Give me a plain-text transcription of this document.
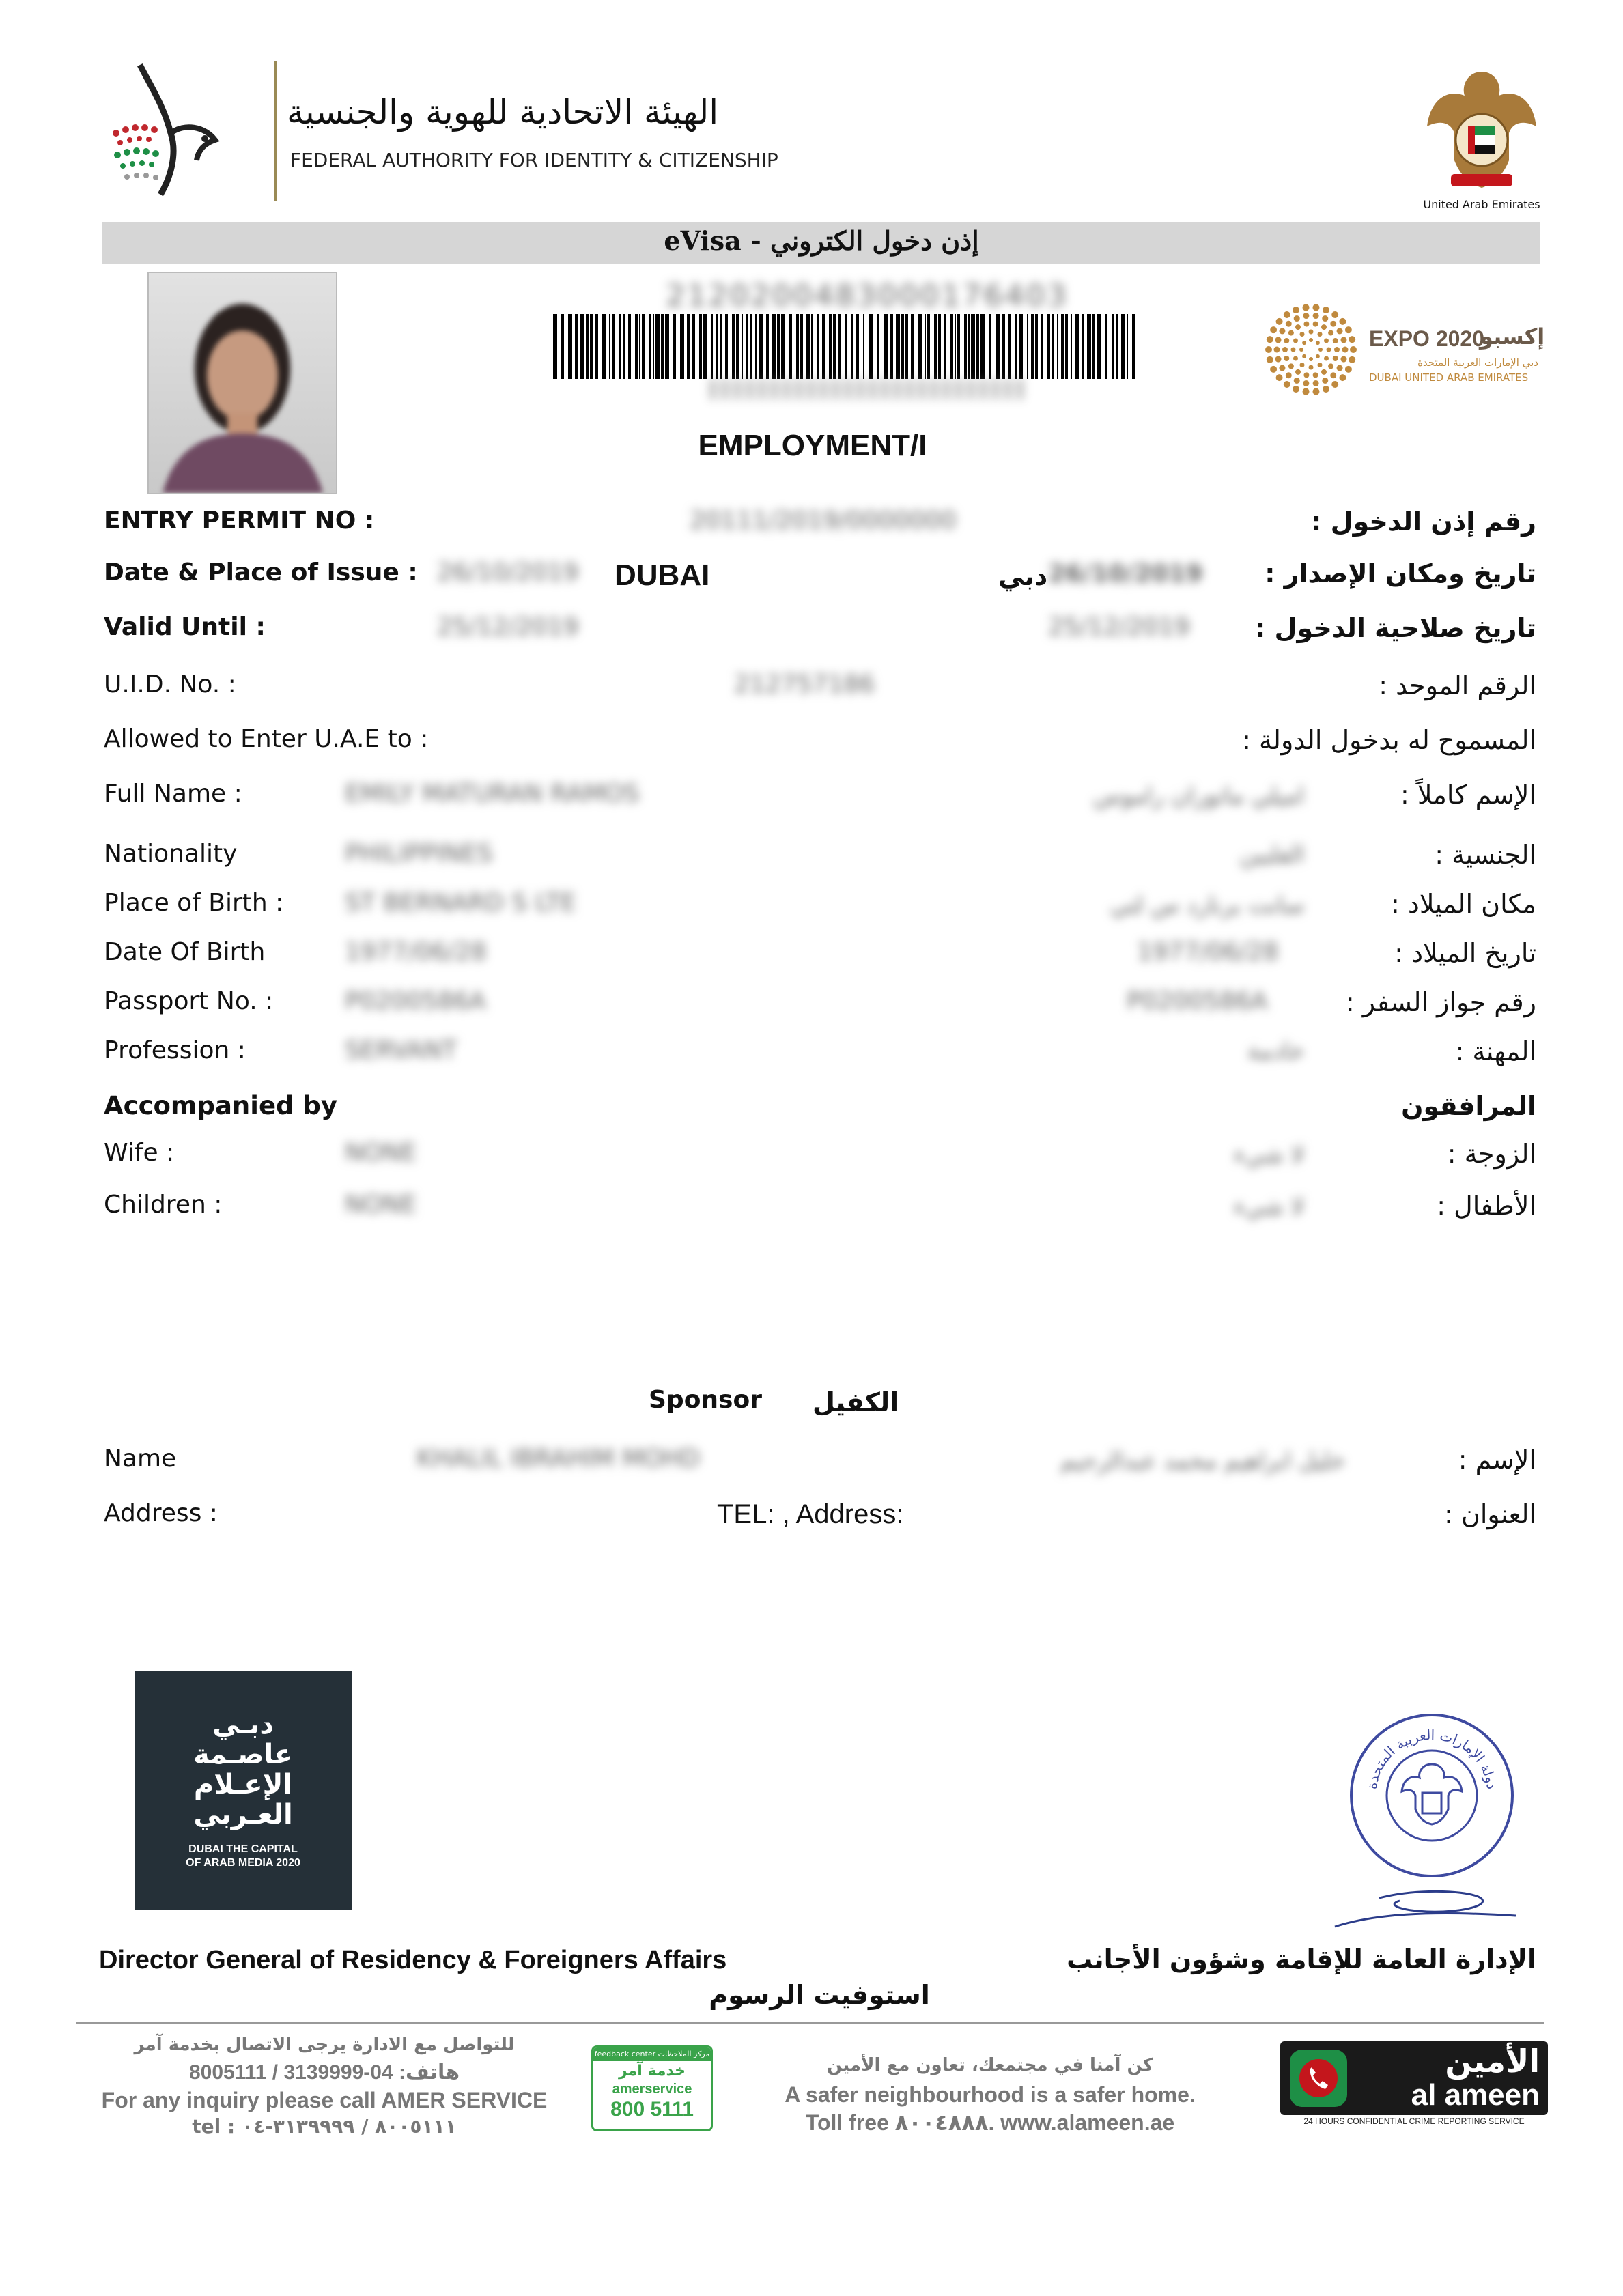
الهيئة الاتحادية للهوية والجنسية
FEDERAL AUTHORITY FOR IDENTITY & CITIZENSHIP
United Arab Emirates
eVisa - إذن دخول الكتروني
2120200483000176403
EXPO 2020
إكسبو
دبي الإمارات العربية المتحدة
DUBAI UNITED ARAB EMIRATES
EMPLOYMENT/I
ENTRY PERMIT NO :	20111/2019/0000000	رقم إذن الدخول :
Date & Place of Issue : 26/10/2019 DUBAI	دبي 26/10/2019	تاريخ ومكان الإصدار :
Valid Until :	25/12/2019	25/12/2019	تاريخ صلاحية الدخول :
U.I.D. No. :	212757186	الرقم الموحد :
Allowed to Enter U.A.E to :	المسموح له بدخول الدولة :
Full Name :	EMILY MATURAN RAMOS	اميلي ماتوران راموس	الإسم كاملاً :
Nationality	PHILIPPINES	الفلبين	الجنسية :
Place of Birth : ST BERNARD S LTE	سانت برنارد س لتي	مكان الميلاد :
Date Of Birth	1977/06/28	1977/06/28	تاريخ الميلاد :
Passport No. :	P0200586A	P0200586A	رقم جواز السفر :
Profession :	SERVANT	خادمة	المهنة :
Accompanied by	المرافقون
Wife :	NONE	لا شيء	الزوجة :
Children :	NONE	لا شيء	الأطفال :
Sponsor الكفيل
Name	KHALIL IBRAHIM MOHD	خليل ابراهيم محمد عبدالرحيم	الإسم :
Address :	TEL: , Address:	العنوان :
دبـي
عاصـمة
الإعـلام
العـربي
DUBAI THE CAPITAL
OF ARAB MEDIA 2020
دولة الإمارات العربية المتحدة
Director General of Residency & Foreigners Affairs	الإدارة العامة للإقامة وشؤون الأجانب
استوفيت الرسوم
للتواصل مع الادارة يرجى الاتصال بخدمة آمر
هاتف: 04-3139999 / 8005111
For any inquiry please call AMER SERVICE
tel : ٨٠٠٥١١١ / ٣١٣٩٩٩٩-٠٤
feedback center مركز الملاحظات
خدمة آمر
amerservice
800 5111
كن آمنا في مجتمعك، تعاون مع الأمين
A safer neighbourhood is a safer home.
Toll free ٨٠٠٤٨٨٨. www.alameen.ae
الأمين
al ameen
24 HOURS CONFIDENTIAL CRIME REPORTING SERVICE
